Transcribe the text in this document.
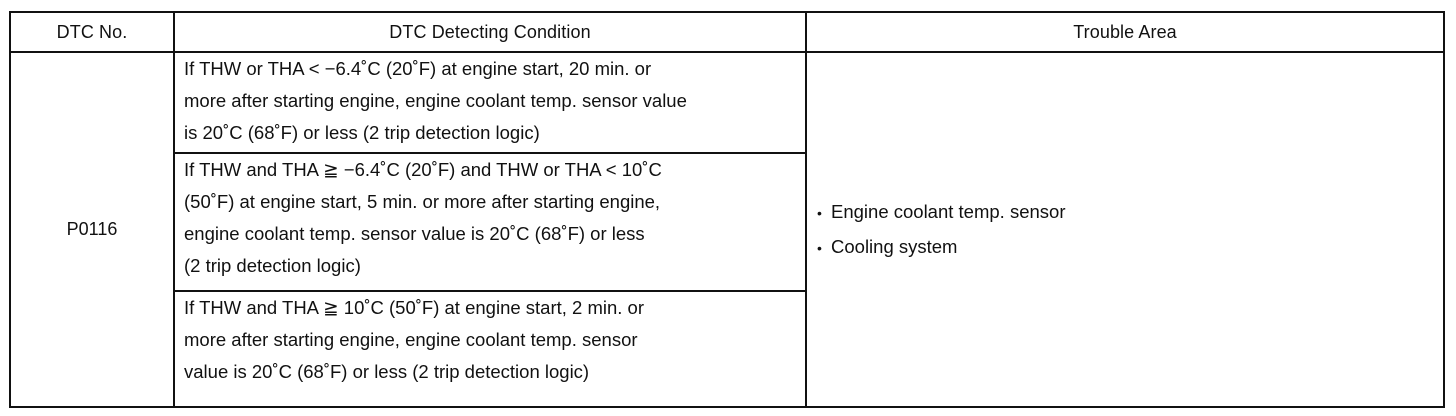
DTC No.	DTC Detecting Condition	Trouble Area
P0116	If THW or THA < −6.4˚C (20˚F) at engine start, 20 min. or
more after starting engine, engine coolant temp. sensor value
is 20˚C (68˚F) or less (2 trip detection logic)	• Engine coolant temp. sensor
• Cooling system

	If THW and THA ≧ −6.4˚C (20˚F) and THW or THA < 10˚C
(50˚F) at engine start, 5 min. or more after starting engine,
engine coolant temp. sensor value is 20˚C (68˚F) or less
(2 trip detection logic)	

	If THW and THA ≧ 10˚C (50˚F) at engine start, 2 min. or
more after starting engine, engine coolant temp. sensor
value is 20˚C (68˚F) or less (2 trip detection logic)	
